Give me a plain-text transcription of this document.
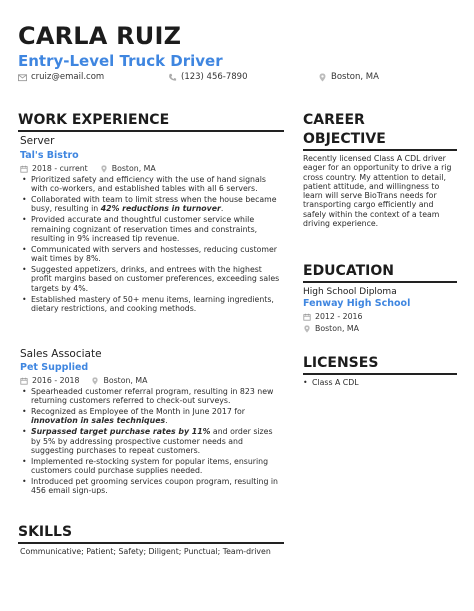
CARLA RUIZ
Entry-Level Truck Driver
cruiz@email.com	(123) 456-7890	Boston, MA
WORK EXPERIENCE
Server
Tal's Bistro
2018 - current	Boston, MA
• Prioritized safety and efficiency with the use of hand signals with co-workers, and established tables with all 6 servers.
• Collaborated with team to limit stress when the house became busy, resulting in 42% reductions in turnover.
• Provided accurate and thoughtful customer service while remaining cognizant of reservation times and constraints, resulting in 9% increased tip revenue.
• Communicated with servers and hostesses, reducing customer wait times by 8%.
• Suggested appetizers, drinks, and entrees with the highest profit margins based on customer preferences, exceeding sales targets by 4%.
• Established mastery of 50+ menu items, learning ingredients, dietary restrictions, and cooking methods.
Sales Associate
Pet Supplied
2016 - 2018	Boston, MA
• Spearheaded customer referral program, resulting in 823 new returning customers referred to check-out surveys.
• Recognized as Employee of the Month in June 2017 for innovation in sales techniques.
• Surpassed target purchase rates by 11% and order sizes by 5% by addressing prospective customer needs and suggesting purchases to repeat customers.
• Implemented re-stocking system for popular items, ensuring customers could purchase supplies needed.
• Introduced pet grooming services coupon program, resulting in 456 email sign-ups.
SKILLS
Communicative; Patient; Safety; Diligent; Punctual; Team-driven
CAREER
OBJECTIVE
Recently licensed Class A CDL driver eager for an opportunity to drive a rig cross country. My attention to detail, patient attitude, and willingness to learn will serve BioTrans needs for transporting cargo efficiently and safely within the context of a team driving experience.
EDUCATION
High School Diploma
Fenway High School
2012 - 2016
Boston, MA
LICENSES
• Class A CDL
